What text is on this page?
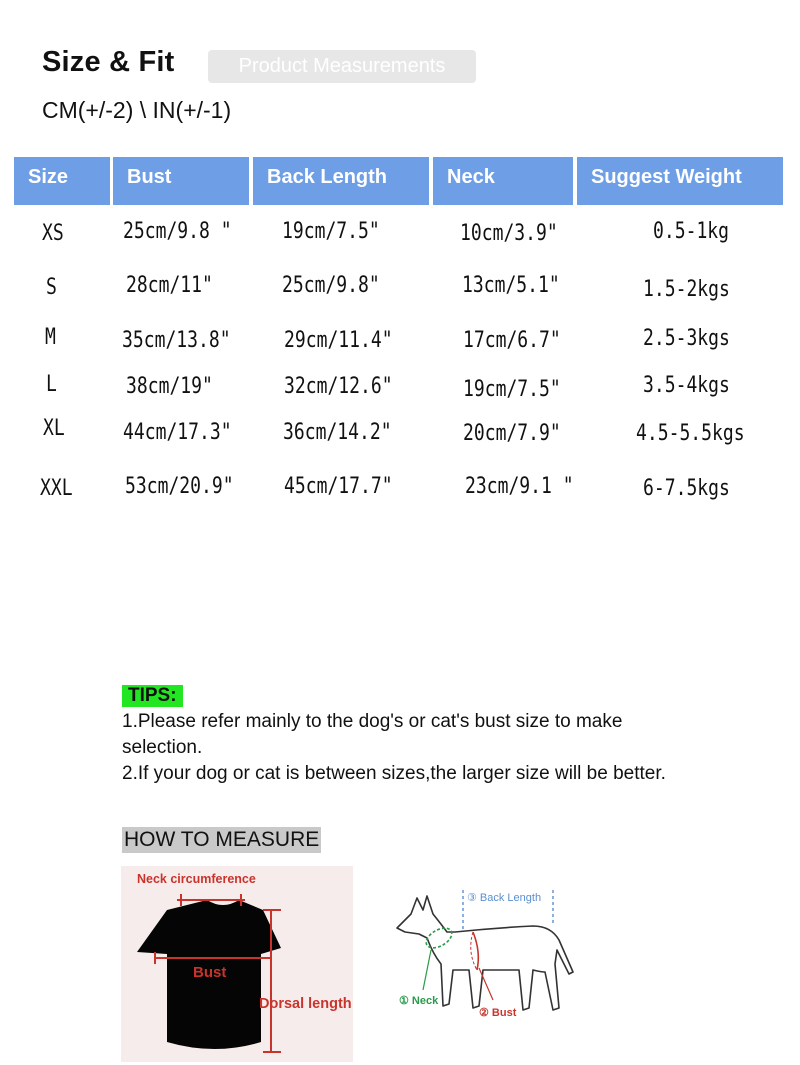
Size & Fit	Product Measurements
CM(+/-2) \ IN(+/-1)
Size	Bust	Back Length	Neck	Suggest Weight
XS	25cm/9.8 " 19cm/7.5"	10cm/3.9"	0.5-1kg
S	28cm/11"	25cm/9.8"	13cm/5.1"	1.5-2kgs
M	35cm/13.8" 29cm/11.4"	17cm/6.7"	2.5-3kgs
L	38cm/19"	32cm/12.6"	19cm/7.5"	3.5-4kgs
XL	44cm/17.3" 36cm/14.2"	20cm/7.9"	4.5-5.5kgs
XXL 53cm/20.9" 45cm/17.7"	23cm/9.1 "	6-7.5kgs
TIPS:
1.Please refer mainly to the dog's or cat's bust size to make selection.
2.If your dog or cat is between sizes,the larger size will be better.
HOW TO MEASURE
Neck circumference
Bust
Dorsal length
③ Back Length
① Neck
② Bust
